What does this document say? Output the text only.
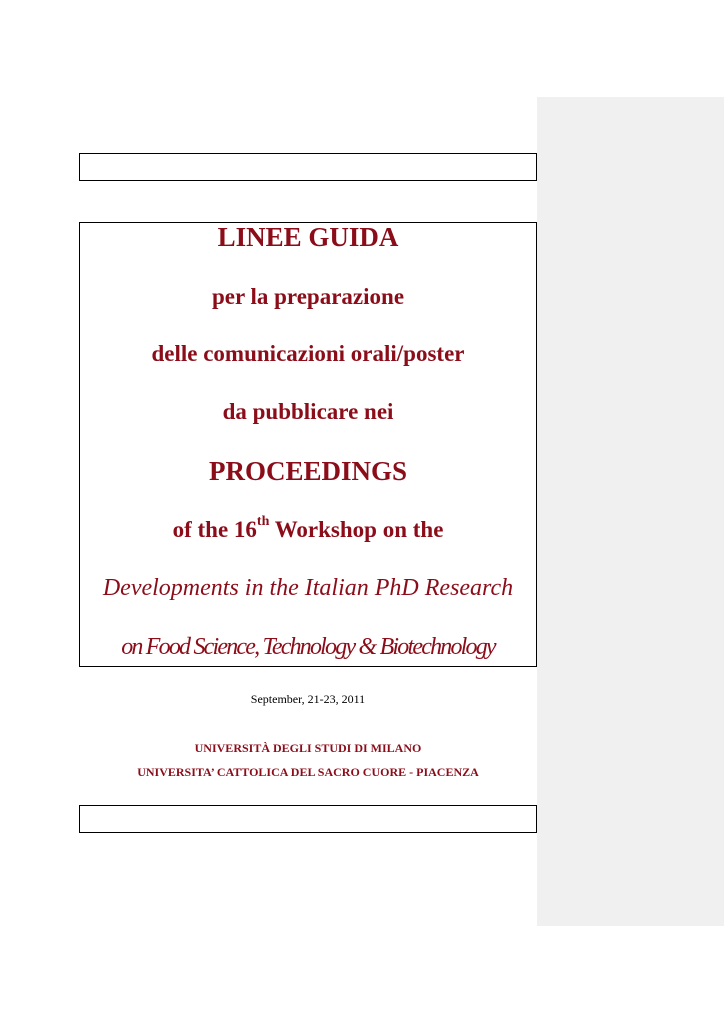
LINEE GUIDA
per la preparazione
delle comunicazioni orali/poster
da pubblicare nei
PROCEEDINGS
of the 16th Workshop on the
Developments in the Italian PhD Research
on Food Science, Technology & Biotechnology
September, 21-23, 2011
UNIVERSITÀ DEGLI STUDI DI MILANO
UNIVERSITA’ CATTOLICA DEL SACRO CUORE - PIACENZA
